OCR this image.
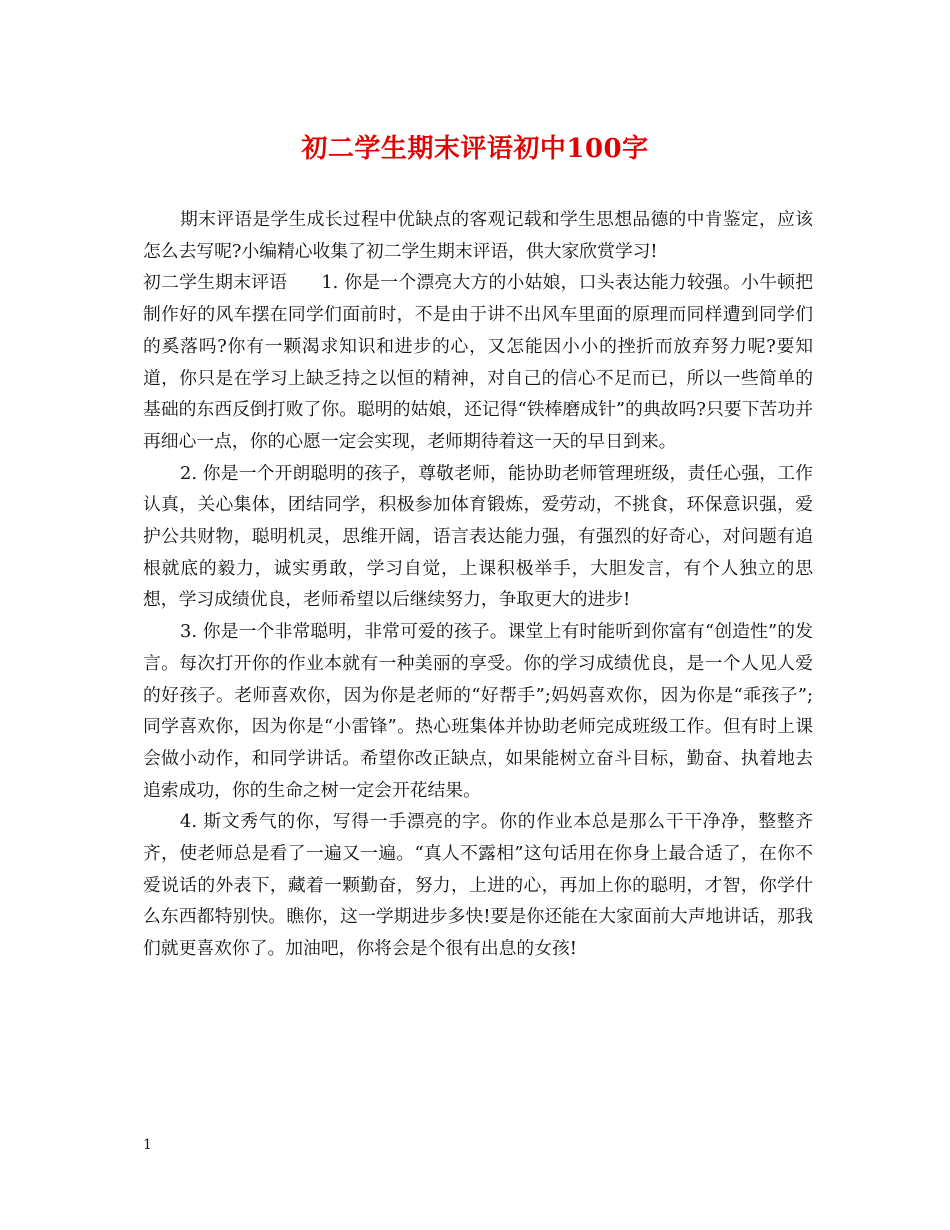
初二学生期末评语初中100字

期末评语是学生成长过程中优缺点的客观记载和学生思想品德的中肯鉴定，应该怎么去写呢?小编精心收集了初二学生期末评语，供大家欣赏学习!

初二学生期末评语 1. 你是一个漂亮大方的小姑娘，口头表达能力较强。小牛顿把制作好的风车摆在同学们面前时，不是由于讲不出风车里面的原理而同样遭到同学们的奚落吗?你有一颗渴求知识和进步的心，又怎能因小小的挫折而放弃努力呢?要知道，你只是在学习上缺乏持之以恒的精神，对自己的信心不足而已，所以一些简单的基础的东西反倒打败了你。聪明的姑娘，还记得“铁棒磨成针”的典故吗?只要下苦功并再细心一点，你的心愿一定会实现，老师期待着这一天的早日到来。

2. 你是一个开朗聪明的孩子，尊敬老师，能协助老师管理班级，责任心强，工作认真，关心集体，团结同学，积极参加体育锻炼，爱劳动，不挑食，环保意识强，爱护公共财物，聪明机灵，思维开阔，语言表达能力强，有强烈的好奇心，对问题有追根就底的毅力，诚实勇敢，学习自觉，上课积极举手，大胆发言，有个人独立的思想，学习成绩优良，老师希望以后继续努力，争取更大的进步!

3. 你是一个非常聪明，非常可爱的孩子。课堂上有时能听到你富有“创造性”的发言。每次打开你的作业本就有一种美丽的享受。你的学习成绩优良，是一个人见人爱的好孩子。老师喜欢你，因为你是老师的“好帮手”;妈妈喜欢你，因为你是“乖孩子”;同学喜欢你，因为你是“小雷锋”。热心班集体并协助老师完成班级工作。但有时上课会做小动作，和同学讲话。希望你改正缺点，如果能树立奋斗目标，勤奋、执着地去追索成功，你的生命之树一定会开花结果。

4. 斯文秀气的你，写得一手漂亮的字。你的作业本总是那么干干净净，整整齐齐，使老师总是看了一遍又一遍。“真人不露相”这句话用在你身上最合适了，在你不爱说话的外表下，藏着一颗勤奋，努力，上进的心，再加上你的聪明，才智，你学什么东西都特别快。瞧你，这一学期进步多快!要是你还能在大家面前大声地讲话，那我们就更喜欢你了。加油吧，你将会是个很有出息的女孩!

1
